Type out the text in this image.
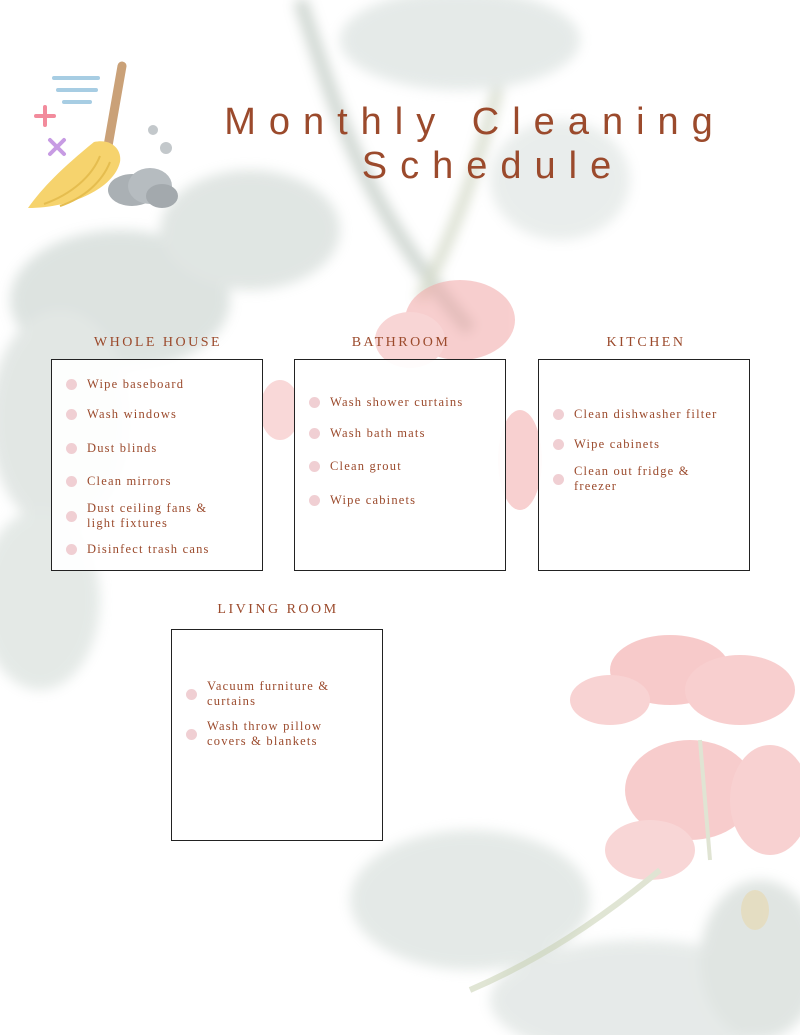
Monthly Cleaning
Schedule
WHOLE HOUSE
Wipe baseboard
Wash windows
Dust blinds
Clean mirrors
Dust ceiling fans & light fixtures
Disinfect trash cans
BATHROOM
Wash shower curtains
Wash bath mats
Clean grout
Wipe cabinets
KITCHEN
Clean dishwasher filter
Wipe cabinets
Clean out fridge & freezer
LIVING ROOM
Vacuum furniture & curtains
Wash throw pillow covers & blankets
